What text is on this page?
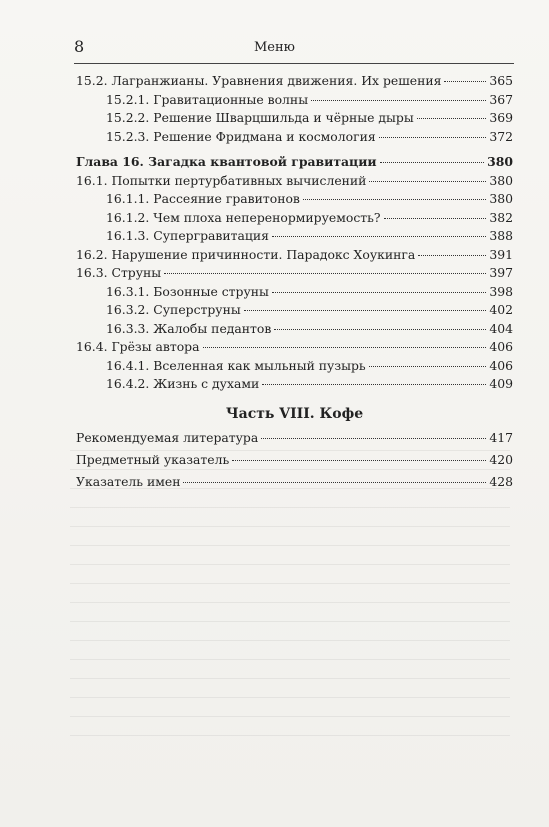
8	Меню
15.2. Лагранжианы. Уравнения движения. Их решения	365
15.2.1. Гравитационные волны	367
15.2.2. Решение Шварцшильда и чёрные дыры	369
15.2.3. Решение Фридмана и космология	372
Глава 16. Загадка квантовой гравитации	380
16.1. Попытки пертурбативных вычислений	380
16.1.1. Рассеяние гравитонов	380
16.1.2. Чем плоха неперенормируемость?	382
16.1.3. Супергравитация	388
16.2. Нарушение причинности. Парадокс Хоукинга	391
16.3. Струны	397
16.3.1. Бозонные струны	398
16.3.2. Суперструны	402
16.3.3. Жалобы педантов	404
16.4. Грёзы автора	406
16.4.1. Вселенная как мыльный пузырь	406
16.4.2. Жизнь с духами	409
Часть VIII. Кофе
Рекомендуемая литература	417
Предметный указатель	420
Указатель имен	428
